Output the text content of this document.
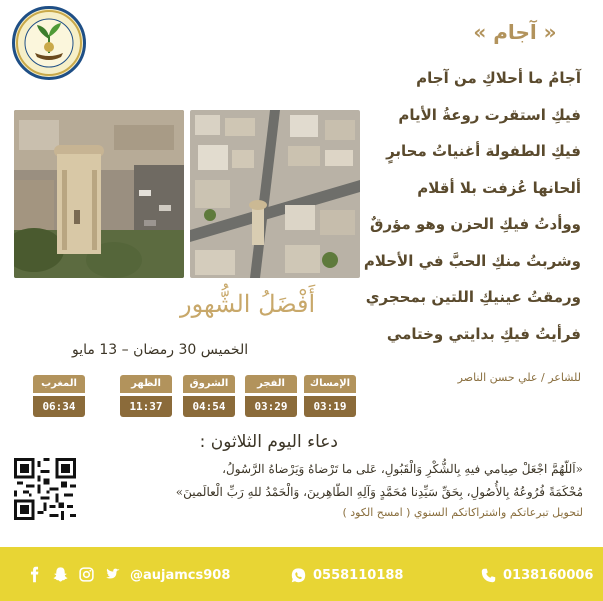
« آجام »
آجامُ ما أحلاكِ من آجام
فيكِ استقرت روعةُ الأيام
فيكِ الطفولة أغنياتُ محابرٍ
ألحانها عُزفت بلا أقلام
ووأدتُ فيكِ الحزن وهو مؤرقٌ
وشربتُ منكِ الحبَّ في الأحلام
ورمقتُ عينيكِ اللتين بمحجري
فرأيتُ فيكِ بدايتي وختامي
للشاعر / علي حسن الناصر
أَفْضَلُ الشُّهور
الخميس 30 رمضان – 13 مايو
الإمساك
03:19
الفجر
03:29
الشروق
04:54
الظهر
11:37
المغرب
06:34
دعاء اليوم الثلاثون :
«اَللّهُمَّ اجْعَلْ صِيامي فيهِ بِالشُّكْرِ وَالْقَبُولِ، عَلى ما تَرْضاهُ وَيَرْضاهُ الرَّسُولُ،
مُحْكَمَةً فُرُوعُهُ بِالأُصُولِ، بِحَقِّ سَيِّدِنا مُحَمَّدٍ وَآلِهِ الطّاهِرينَ، وَالْحَمْدُ للهِ رَبِّ الْعالَمينَ»
لتحويل تبرعاتكم واشتراكاتكم السنوي ( امسح الكود )
@aujamcs908	0558110188	0138160006
